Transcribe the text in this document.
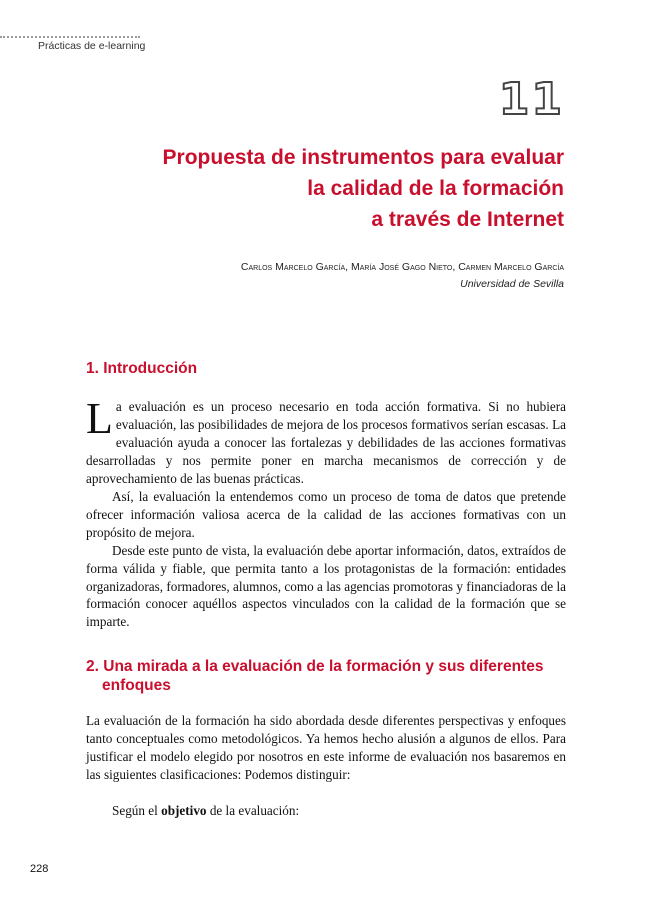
Prácticas de e-learning
11
Propuesta de instrumentos para evaluar
la calidad de la formación
a través de Internet
Carlos Marcelo García, María José Gago Nieto, Carmen Marcelo García
Universidad de Sevilla
1. Introducción

La evaluación es un proceso necesario en toda acción formativa. Si no hubiera evaluación, las posibilidades de mejora de los procesos formativos serían escasas. La evaluación ayuda a conocer las fortalezas y debilidades de las acciones formativas desarrolladas y nos permite poner en marcha mecanismos de corrección y de aprovechamiento de las buenas prácticas.

Así, la evaluación la entendemos como un proceso de toma de datos que pretende ofrecer información valiosa acerca de la calidad de las acciones formativas con un propósito de mejora.

Desde este punto de vista, la evaluación debe aportar información, datos, extraídos de forma válida y fiable, que permita tanto a los protagonistas de la formación: entidades organizadoras, formadores, alumnos, como a las agencias promotoras y financiadoras de la formación conocer aquéllos aspectos vinculados con la calidad de la formación que se imparte.

2. Una mirada a la evaluación de la formación y sus diferentes enfoques

La evaluación de la formación ha sido abordada desde diferentes perspectivas y enfoques tanto conceptuales como metodológicos. Ya hemos hecho alusión a algunos de ellos. Para justificar el modelo elegido por nosotros en este informe de evaluación nos basaremos en las siguientes clasificaciones: Podemos distinguir:

Según el objetivo de la evaluación:

228
